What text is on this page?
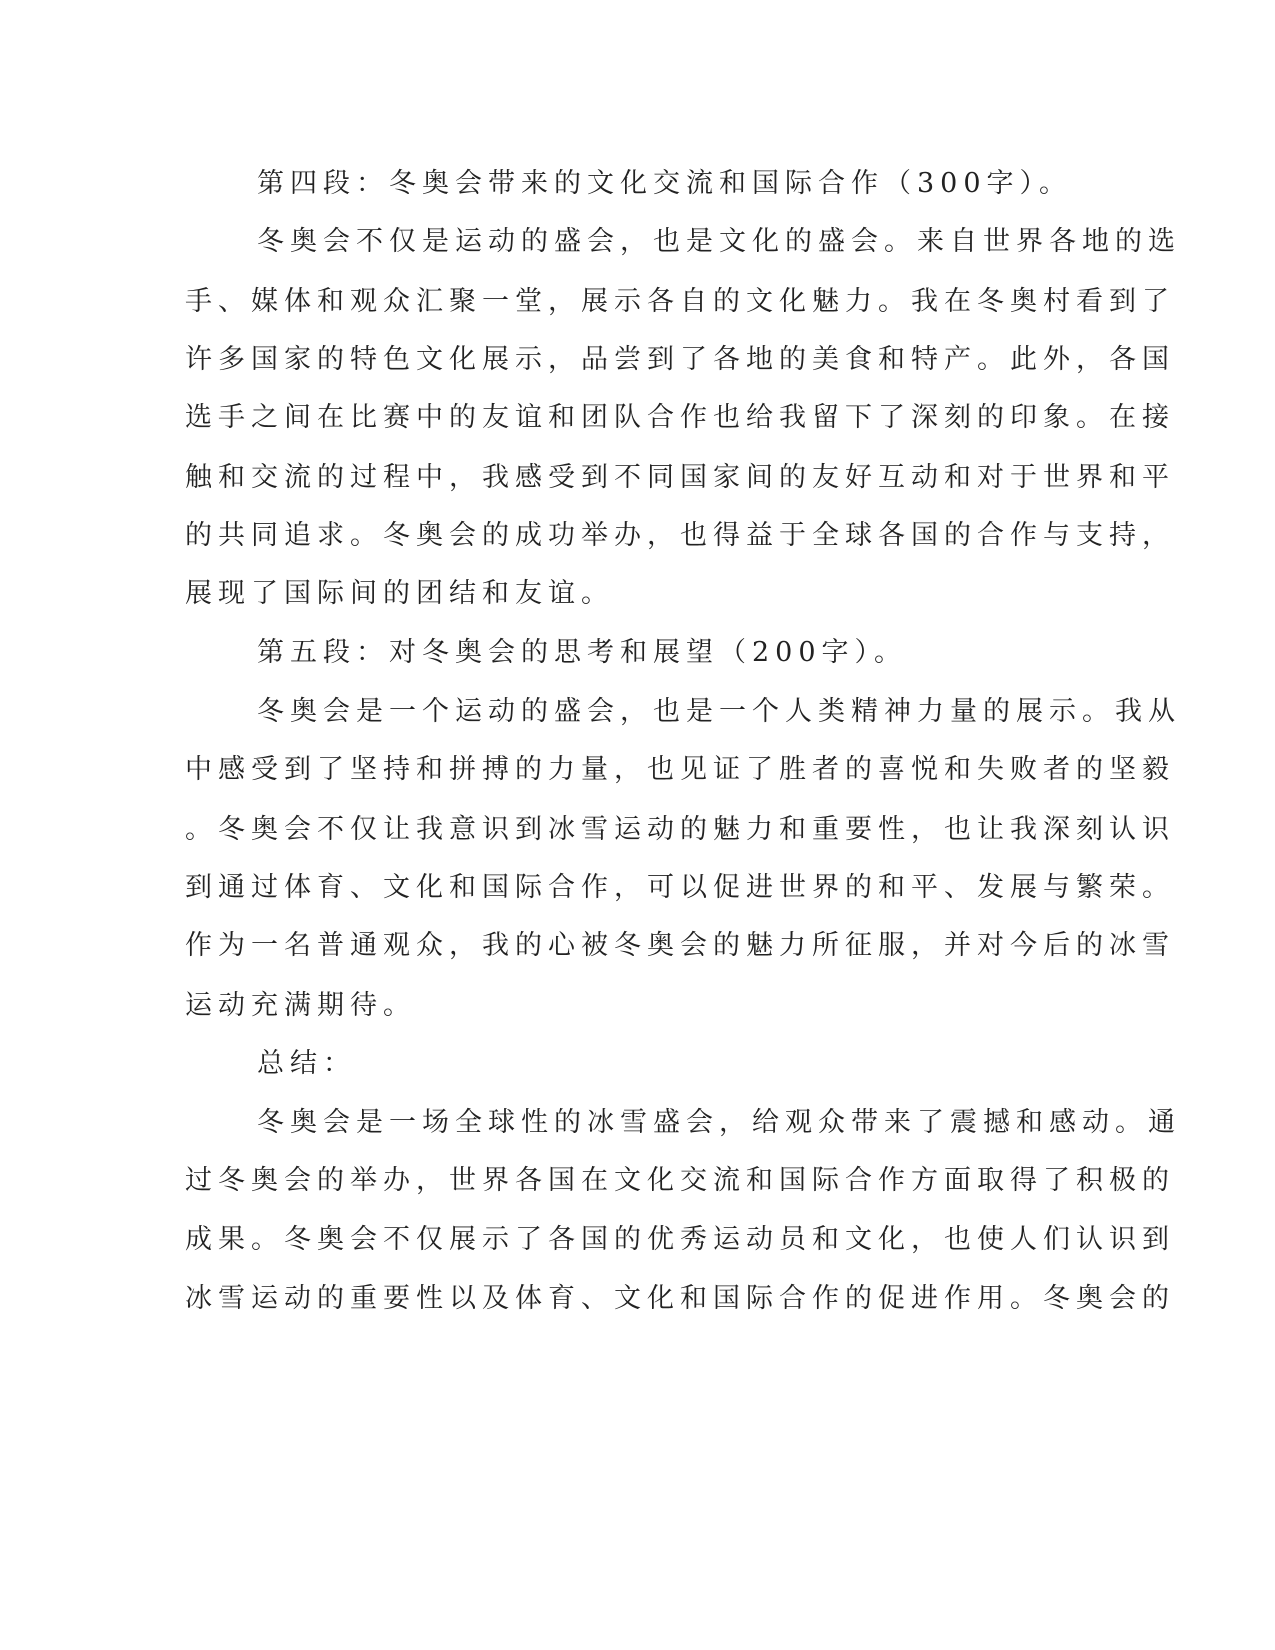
第四段：冬奥会带来的文化交流和国际合作（300字）。
冬奥会不仅是运动的盛会，也是文化的盛会。来自世界各地的选
手、媒体和观众汇聚一堂，展示各自的文化魅力。我在冬奥村看到了
许多国家的特色文化展示，品尝到了各地的美食和特产。此外，各国
选手之间在比赛中的友谊和团队合作也给我留下了深刻的印象。在接
触和交流的过程中，我感受到不同国家间的友好互动和对于世界和平
的共同追求。冬奥会的成功举办，也得益于全球各国的合作与支持，
展现了国际间的团结和友谊。
第五段：对冬奥会的思考和展望（200字）。
冬奥会是一个运动的盛会，也是一个人类精神力量的展示。我从
中感受到了坚持和拼搏的力量，也见证了胜者的喜悦和失败者的坚毅
。冬奥会不仅让我意识到冰雪运动的魅力和重要性，也让我深刻认识
到通过体育、文化和国际合作，可以促进世界的和平、发展与繁荣。
作为一名普通观众，我的心被冬奥会的魅力所征服，并对今后的冰雪
运动充满期待。
总结：
冬奥会是一场全球性的冰雪盛会，给观众带来了震撼和感动。通
过冬奥会的举办，世界各国在文化交流和国际合作方面取得了积极的
成果。冬奥会不仅展示了各国的优秀运动员和文化，也使人们认识到
冰雪运动的重要性以及体育、文化和国际合作的促进作用。冬奥会的
